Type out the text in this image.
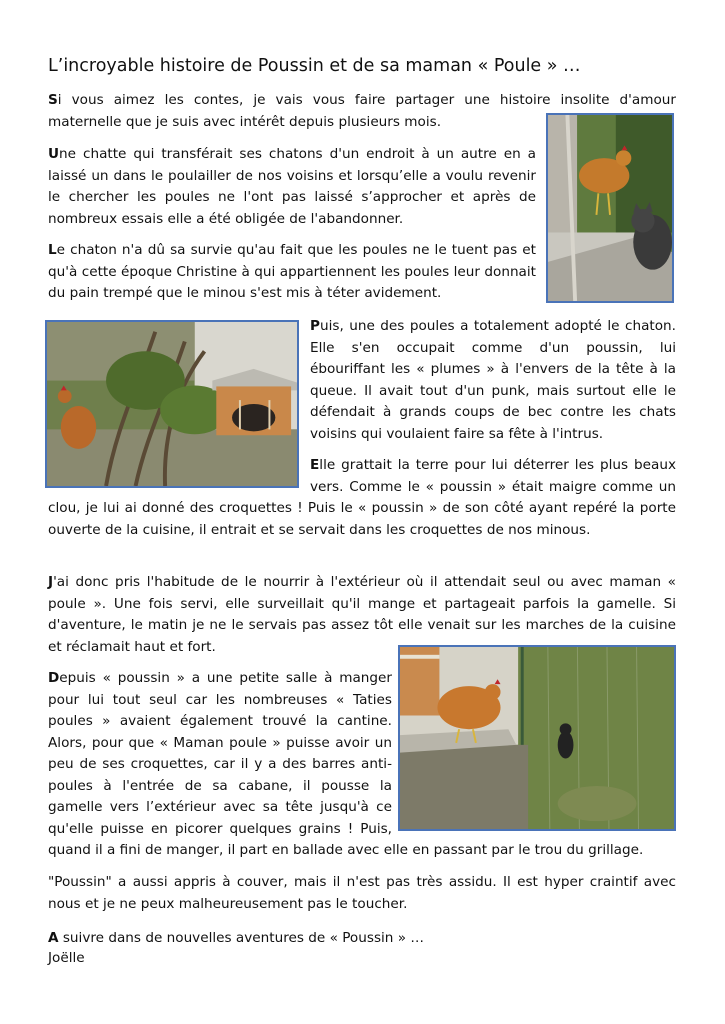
L’incroyable histoire de Poussin et de sa maman « Poule » …

Si vous aimez les contes, je vais vous faire partager une histoire insolite d'amour maternelle que je suis avec intérêt depuis plusieurs mois.

Une chatte qui transférait ses chatons d'un endroit à un autre en a laissé un dans le poulailler de nos voisins et lorsqu’elle a voulu revenir le chercher les poules ne l'ont pas laissé s’approcher et après de nombreux essais elle a été obligée de l'abandonner.

Le chaton n'a dû sa survie qu'au fait que les poules ne le tuent pas et qu'à cette époque Christine à qui appartiennent les poules leur donnait du pain trempé que le minou s'est mis à téter avidement.

Puis, une des poules a totalement adopté le chaton. Elle s'en occupait comme d'un poussin, lui ébouriffant les « plumes » à l'envers de la tête à la queue. Il avait tout d'un punk, mais surtout elle le défendait à grands coups de bec contre les chats voisins qui voulaient faire sa fête à l'intrus.

Elle grattait la terre pour lui déterrer les plus beaux vers. Comme le « poussin » était maigre comme un clou, je lui ai donné des croquettes ! Puis le « poussin » de son côté ayant repéré la porte ouverte de la cuisine, il entrait et se servait dans les croquettes de nos minous.

J'ai donc pris l'habitude de le nourrir à l'extérieur où il attendait seul ou avec maman « poule ». Une fois servi, elle surveillait qu'il mange et partageait parfois la gamelle. Si d'aventure, le matin je ne le servais pas assez tôt elle venait sur les marches de la cuisine et réclamait haut et fort.

Depuis « poussin » a une petite salle à manger pour lui tout seul car les nombreuses « Taties poules » avaient également trouvé la cantine. Alors, pour que « Maman poule » puisse avoir un peu de ses croquettes, car il y a des barres anti-poules à l'entrée de sa cabane, il pousse la gamelle vers l’extérieur avec sa tête jusqu'à ce qu'elle puisse en picorer quelques grains ! Puis, quand il a fini de manger, il part en ballade avec elle en passant par le trou du grillage.

"Poussin" a aussi appris à couver, mais il n'est pas très assidu. Il est hyper craintif avec nous et je ne peux malheureusement pas le toucher.

A suivre dans de nouvelles aventures de « Poussin » …

Joëlle
